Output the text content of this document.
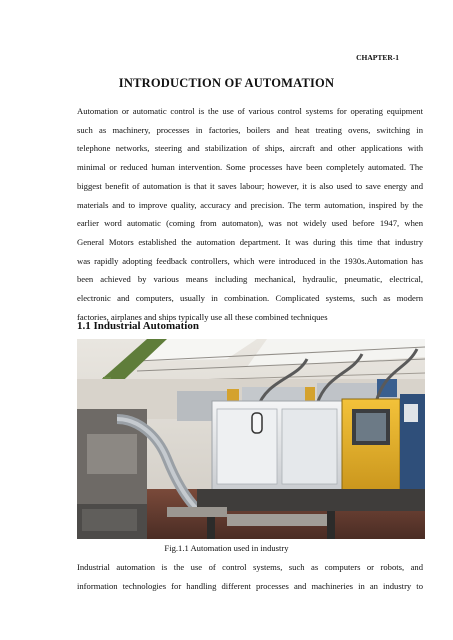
CHAPTER-1
INTRODUCTION OF AUTOMATION
Automation or automatic control is the use of various control systems for operating equipment
such as machinery, processes in factories, boilers and heat treating ovens, switching in
telephone networks, steering and stabilization of ships, aircraft and other applications with
minimal or reduced human intervention. Some processes have been completely automated. The
biggest benefit of automation is that it saves labour; however, it is also used to save energy and
materials and to improve quality, accuracy and precision. The term automation, inspired by the
earlier word automatic (coming from automaton), was not widely used before 1947, when
General Motors established the automation department. It was during this time that industry
was rapidly adopting feedback controllers, which were introduced in the 1930s.Automation has
been achieved by various means including mechanical, hydraulic, pneumatic, electrical,
electronic and computers, usually in combination. Complicated systems, such as modern
factories, airplanes and ships typically use all these combined techniques
1.1 Industrial Automation
Fig.1.1 Automation used in industry
Industrial automation is the use of control systems, such as computers or robots, and
information technologies for handling different processes and machineries in an industry to
